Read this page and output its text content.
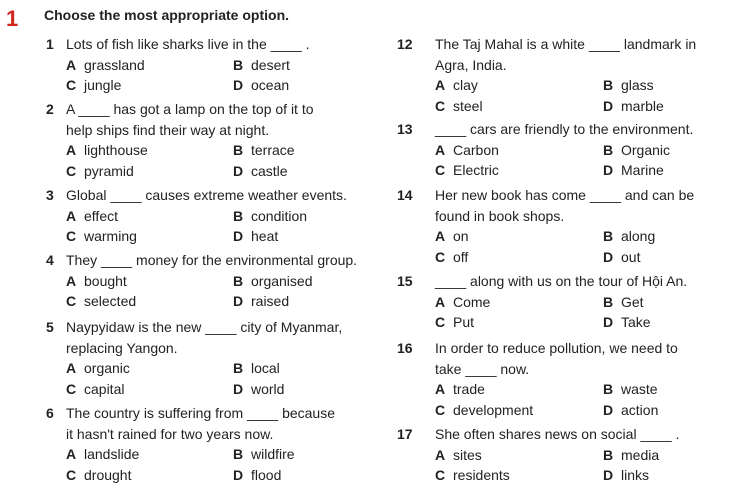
1 Choose the most appropriate option.
1 Lots of fish like sharks live in the ____ .
A grassland	B desert
C jungle	D ocean
2 A ____ has got a lamp on the top of it to
help ships find their way at night.
A lighthouse	B terrace
C pyramid	D castle
3 Global ____ causes extreme weather events.
A effect	B condition
C warming	D heat
4 They ____ money for the environmental group.
A bought	B organised
C selected	D raised
5 Naypyidaw is the new ____ city of Myanmar,
replacing Yangon.
A organic	B local
C capital	D world
6 The country is suffering from ____ because
it hasn't rained for two years now.
A landslide	B wildfire
C drought	D flood
12 The Taj Mahal is a white ____ landmark in
Agra, India.
A clay	B glass
C steel	D marble
13 ____ cars are friendly to the environment.
A Carbon	B Organic
C Electric	D Marine
14 Her new book has come ____ and can be
found in book shops.
A on	B along
C off	D out
15 ____ along with us on the tour of Hội An.
A Come	B Get
C Put	D Take
16 In order to reduce pollution, we need to
take ____ now.
A trade	B waste
C development	D action
17 She often shares news on social ____ .
A sites	B media
C residents	D links
